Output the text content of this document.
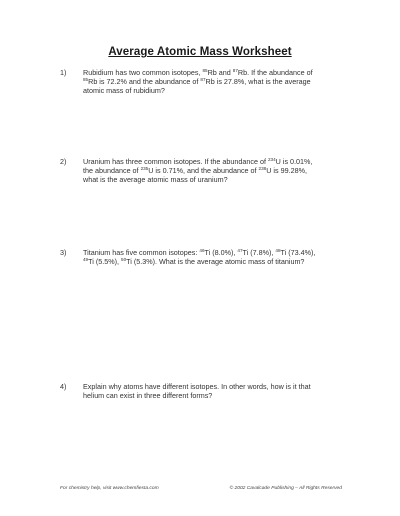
Average Atomic Mass Worksheet
1) Rubidium has two common isotopes, $^{85}$Rb and $^{87}$Rb. If the abundance of
$^{85}$Rb is 72.2% and the abundance of $^{87}$Rb is 27.8%, what is the average
atomic mass of rubidium?
2) Uranium has three common isotopes. If the abundance of $^{234}$U is 0.01%,
the abundance of $^{235}$U is 0.71%, and the abundance of $^{238}$U is 99.28%,
what is the average atomic mass of uranium?
3) Titanium has five common isotopes: $^{46}$Ti (8.0%), $^{47}$Ti (7.8%), $^{48}$Ti (73.4%),
$^{49}$Ti (5.5%), $^{50}$Ti (5.3%). What is the average atomic mass of titanium?
4) Explain why atoms have different isotopes. In other words, how is it that
helium can exist in three different forms?
For chemistry help, visit www.chemfiesta.com	© 2002 Cavalcade Publishing – All Rights Reserved
